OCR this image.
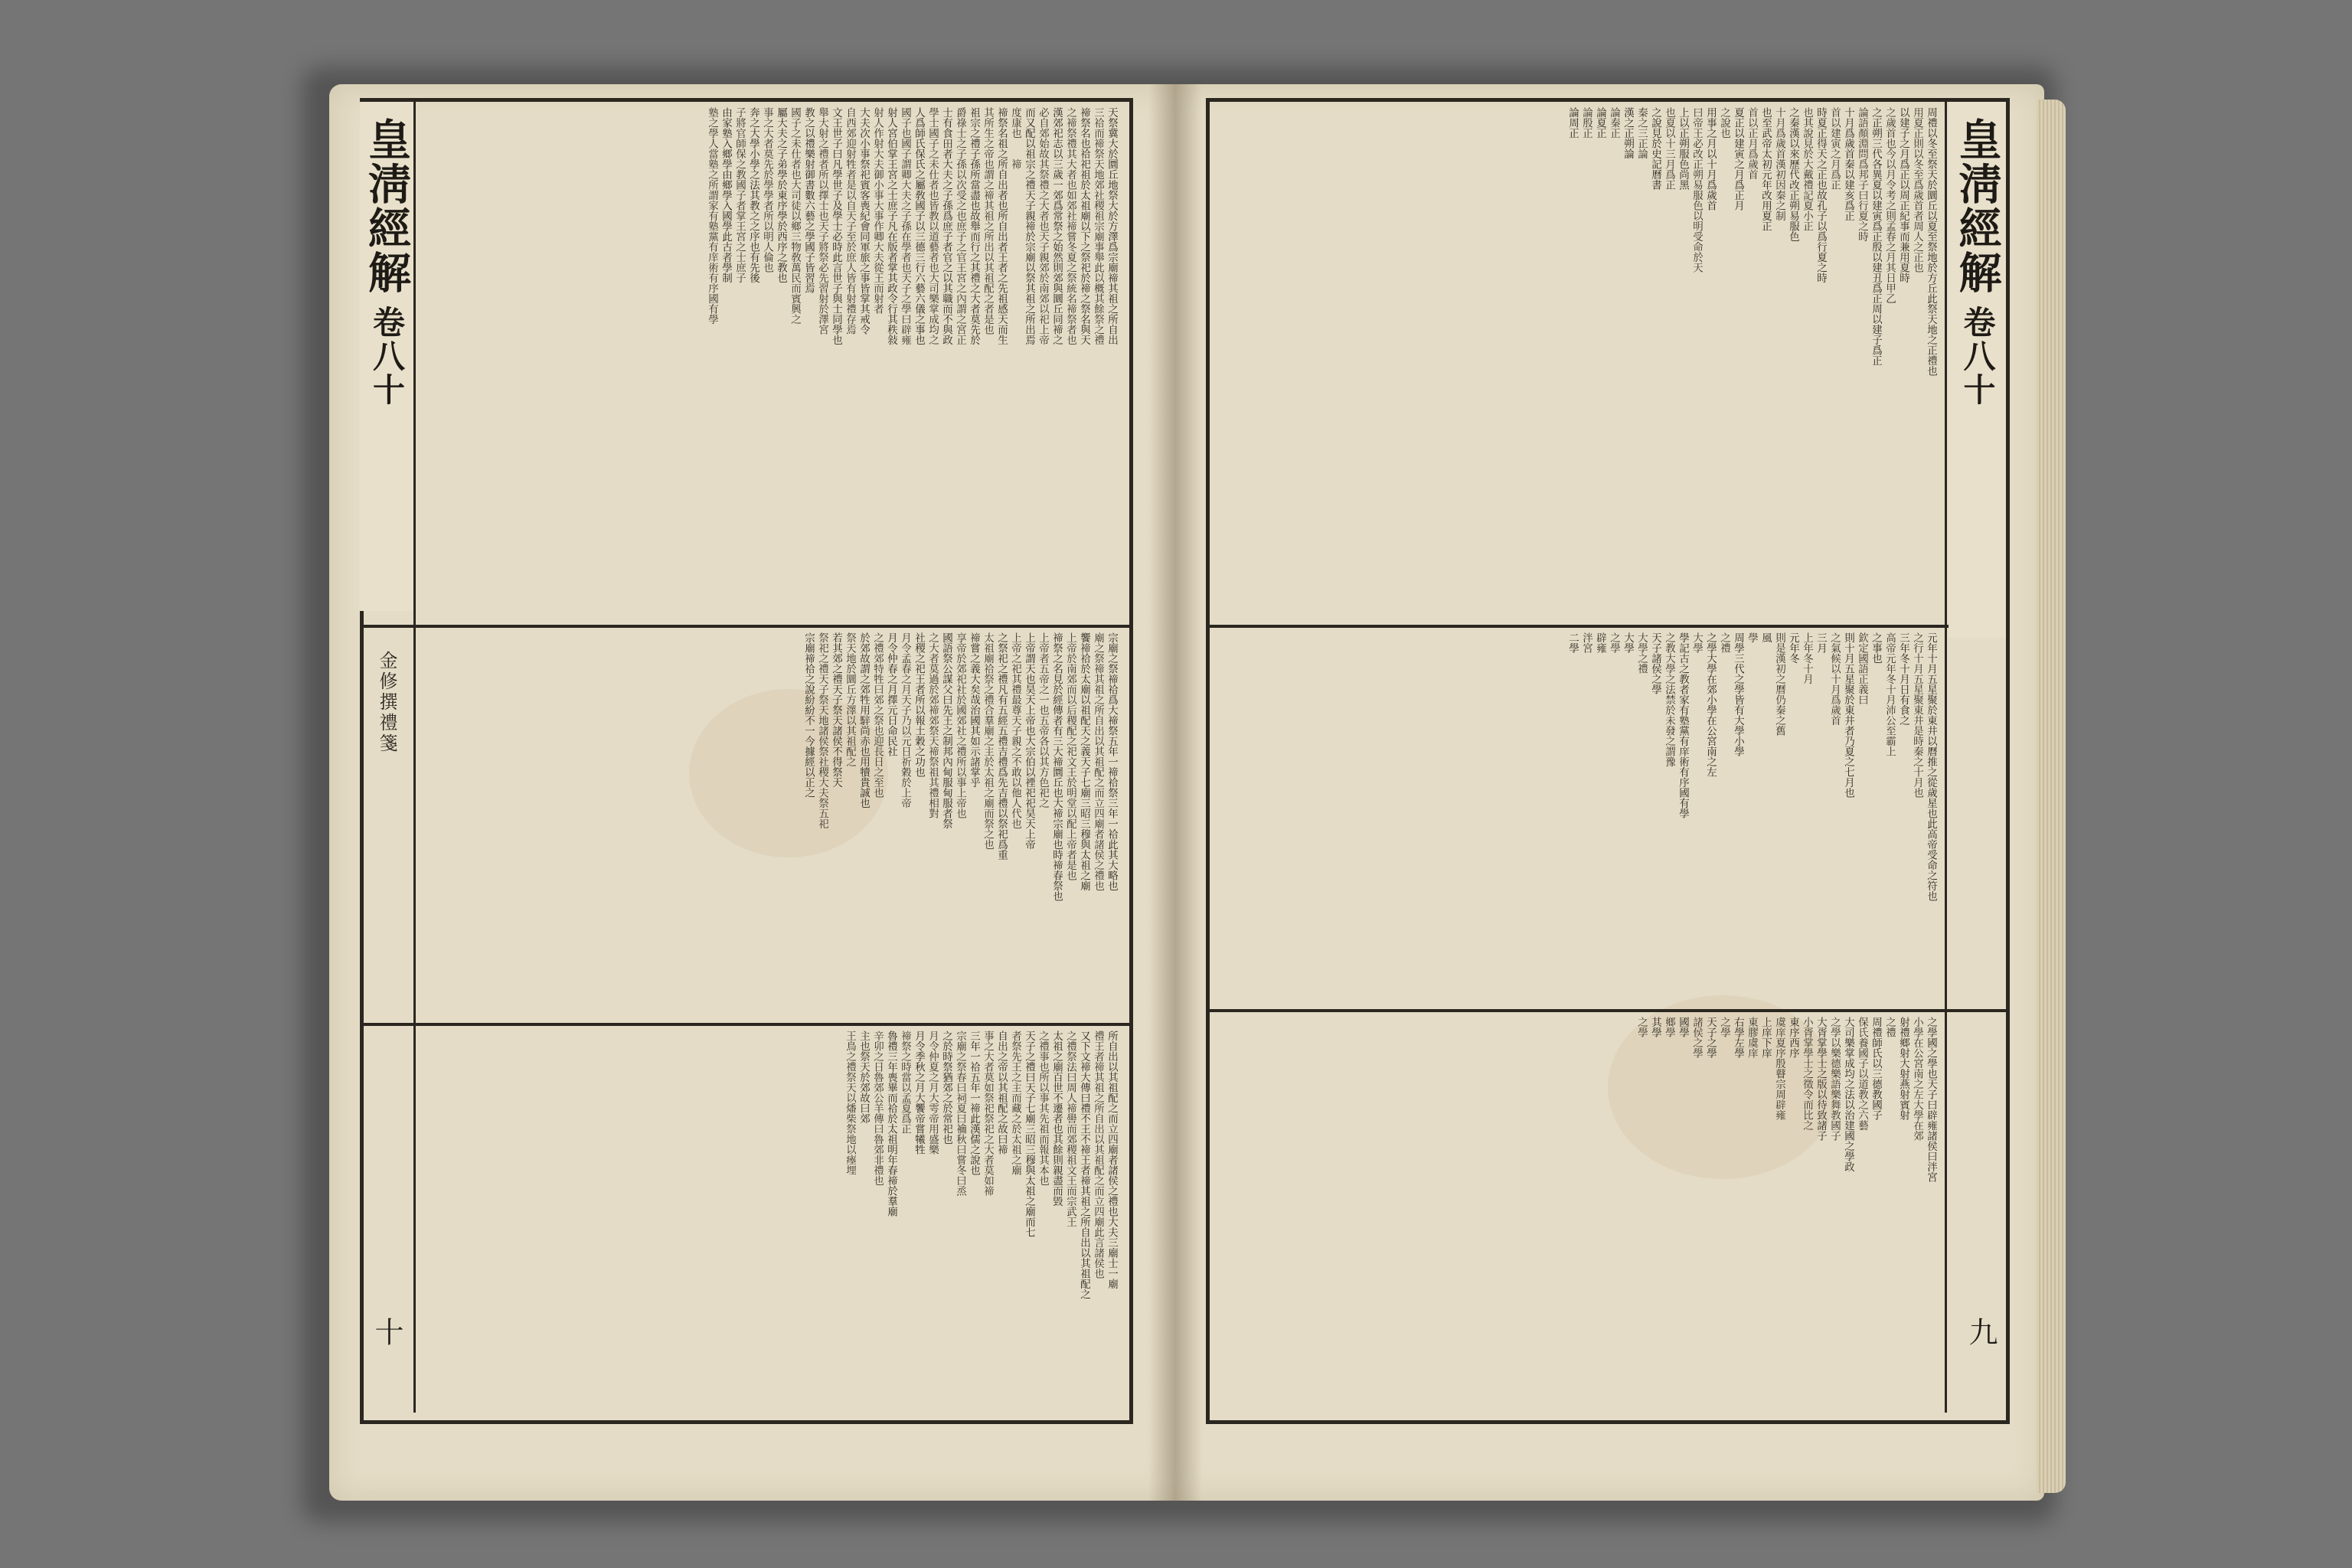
皇淸經解
卷八十
十
金修撰禮箋
天祭冀大於圜丘地祭大於方澤爲宗廟禘其祖之所自出
三祫而禘祭天地郊社稷祖宗廟事舉此以概其餘祭之禮
禘祭名也祫祀祖於太祖廟以下之祭祀於禘之祭名與天
之禘祭禮其大者也如郊社禘嘗冬夏之祭統名禘祭者也
漢郊祀志以三歲一郊爲常祭之始然則郊與圜丘同禘之
必自郊始故其祭禮之大者也天子親郊於南郊以祀上帝
而又配以祖宗之禮天子親禘於宗廟以祭其祖之所出焉
度康也　　禘
禘祭名祖之所自出者也所自出者王者之先祖感天而生
其所生之帝也謂之禘其祖之所出以其祖配之者是也
祖宗之禮子孫所當盡也故舉而行之其禮之大者莫先於
爵祿士之子孫以次受之也庶子之官王宮之內謂之宮正
士有食田者大夫之子孫爲庶子者官之以其職而不與政
學士國子之未仕者也皆教以道藝者也大司樂掌成均之
人爲師氏保氏之屬敎國子以三德三行六藝六儀之事也
國子也國子謂卿大夫之子孫在學者也天子之學曰辟雍
射人宮伯掌王宮之士庶子凡在版者掌其政令行其秩敍
射人作射大夫御小事大事作卿大夫從王而射者
大夫次小事祭祀賓客喪紀會同軍旅之事皆掌其戒令
自西郊迎射牲者是以自天子至於庶人皆有射禮存焉
文王世子曰凡學世子及學士必時此言世子與士同學也
舉大射之禮者所以擇士也天子將祭必先習射於澤宮
教之以禮樂射御書數六藝之學國子皆習焉
國子之未仕者也大司徒以鄉三物敎萬民而賓興之
屬大夫之子弟學於東序學於西序之教也
事之大者莫先於學學者所以明人倫也
奔之大學小學之法其教之之序也有先後
子將官師保之教國子者掌王宮之士庶子
由家塾入鄉學由鄉學入國學此古者學制
塾之學人當塾之所謂家有塾黨有庠術有序國有學
宗廟之祭禘祫爲大禘祭五年一禘祫祭三年一祫此其大略也
廟之祭禘其祖之所自出以其祖配之而立四廟者諸侯之禮也
饗禘祫於太廟以祖配天之義天子七廟三昭三穆與太祖之廟
上帝於南郊而以后稷配之祀文王於明堂以配上帝者是也
禘祭之名見於經傳者有三大禘圜丘也大禘宗廟也時禘春祭也
上帝者五帝之一也五帝各以其方色祀之
上帝謂天也昊天上帝也大宗伯以禋祀祀昊天上帝
上帝之祀其禮最尊天子親之不敢以他人代也
之祭祀之禮凡有五經五禮吉禮爲先吉禮以祭祀爲重
太祖廟祫祭之禮合羣廟之主於太祖之廟而祭之也
禘嘗之義大矣哉治國其如示諸掌乎
享帝於郊祀社於國郊社之禮所以事上帝也
國語祭公謀父曰先王之制邦內甸服甸服者祭
之大者莫過於郊禘郊祭天禘祭祖其禮相對
社稷之祀王者所以報土穀之功也
月令孟春之月天子乃以元日祈穀於上帝
月令仲春之月擇元日命民社
之禮郊特牲曰郊之祭也迎長日之至也
於郊故謂之郊牲用騂尚赤也用犢貴誠也
祭天地於圜丘方澤以其祖配之
若其郊之禮天子祭天諸侯不得祭天
祭祀之禮天子祭天地諸侯祭社稷大夫祭五祀
宗廟禘祫之說紛紛不一今據經以正之
所自出以其祖配之而立四廟者諸侯之禮也大夫三廟士一廟
禮王者禘其祖之所自出以其祖配之而立四廟此言諸侯也
又下文禘大傳曰禮不王不禘王者禘其祖之所自出以其祖配之
之禮祭法曰周人禘嚳而郊稷祖文王而宗武王
太祖之廟百世不遷者也其餘則親盡而毀
之禮事也所以事其先祖而報其本也
天子之禮曰天子七廟三昭三穆與太祖之廟而七
者祭先王之主而藏之於太祖之廟
自出之帝以其祖配之故曰禘
事之大者莫如祭祀祭祀之大者莫如禘
三年一祫五年一禘此漢儒之說也
宗廟之祭春曰祠夏曰禴秋曰嘗冬曰烝
之於時祭猶郊之於常祀也
月令仲夏之月大雩帝用盛樂
月令季秋之月大饗帝嘗犧牲
禘祭之時當以孟夏爲正
魯禮三年喪畢而祫於太祖明年春禘於羣廟
辛卯之日魯郊公羊傳曰魯郊非禮也
主也祭天於郊故曰郊
王鳥之禮祭天以燔柴祭地以瘞埋
皇淸經解
卷八十
九
周禮以冬至祭天於圜丘以夏至祭地於方丘此祭天地之正禮也
用夏正則以冬至爲歲首者周人之正也
以建子之月爲正以周正紀事而兼用夏時
之歲首也今以月令考之則孟春之月其日甲乙
之正朔三代各異夏以建寅爲正殷以建丑爲正周以建子爲正
論語顏淵問爲邦子曰行夏之時
十月爲歲首秦以建亥爲正
首以建寅之月爲正
時夏正得天之正也故孔子以爲行夏之時
也其說見於大戴禮記夏小正
之秦漢以來歷代改正朔易服色
十月爲歲首漢初因秦之制
也至武帝太初元年改用夏正
首以正月爲歲首
夏正以建寅之月爲正月
之說也
用事之月以十月爲歲首
曰帝王必改正朔易服色以明受命於天
上以正朔服色尚黑
也夏以十三月爲正
之說見於史記曆書
秦之三正論
漢之正朔論
論秦正
論夏正
論殷正
論周正
元年十月五星聚於東井以曆推之從歲星也此高帝受命之符也
之行十月五星聚東井是時秦之十月也
三年冬十月日有食之
高帝元年冬十月沛公至霸上
之事也
欽定國語正義曰
則十月五星聚於東井者乃夏之七月也
之氣候以十月爲歲首
三月
上年冬十月
元年冬
則是漢初之曆仍秦之舊
風
學
周學三代之學皆有大學小學
之禮
之學大學在郊小學在公宮南之左
大學
學記古之教者家有塾黨有庠術有序國有學
之教大學之法禁於未發之謂豫
天子諸侯之學
大學之禮
大學
之學
辟雍
泮宮
二學
之學國之學也天子曰辟雍諸侯曰泮宮
小學在公宮南之左大學在郊
射禮鄉射大射燕射賓射
之禮
周禮師氏以三德教國子
保氏養國子以道教之六藝
大司樂掌成均之法以治建國之學政
之學以樂德樂語樂舞教國子
大胥掌學士之版以待致諸子
小胥掌學士之徵令而比之
東序西序
虞庠夏序殷瞽宗周辟雍
上庠下庠
東膠虞庠
右學左學
之學
天子之學
諸侯之學
國學
鄉學
其學
之學
